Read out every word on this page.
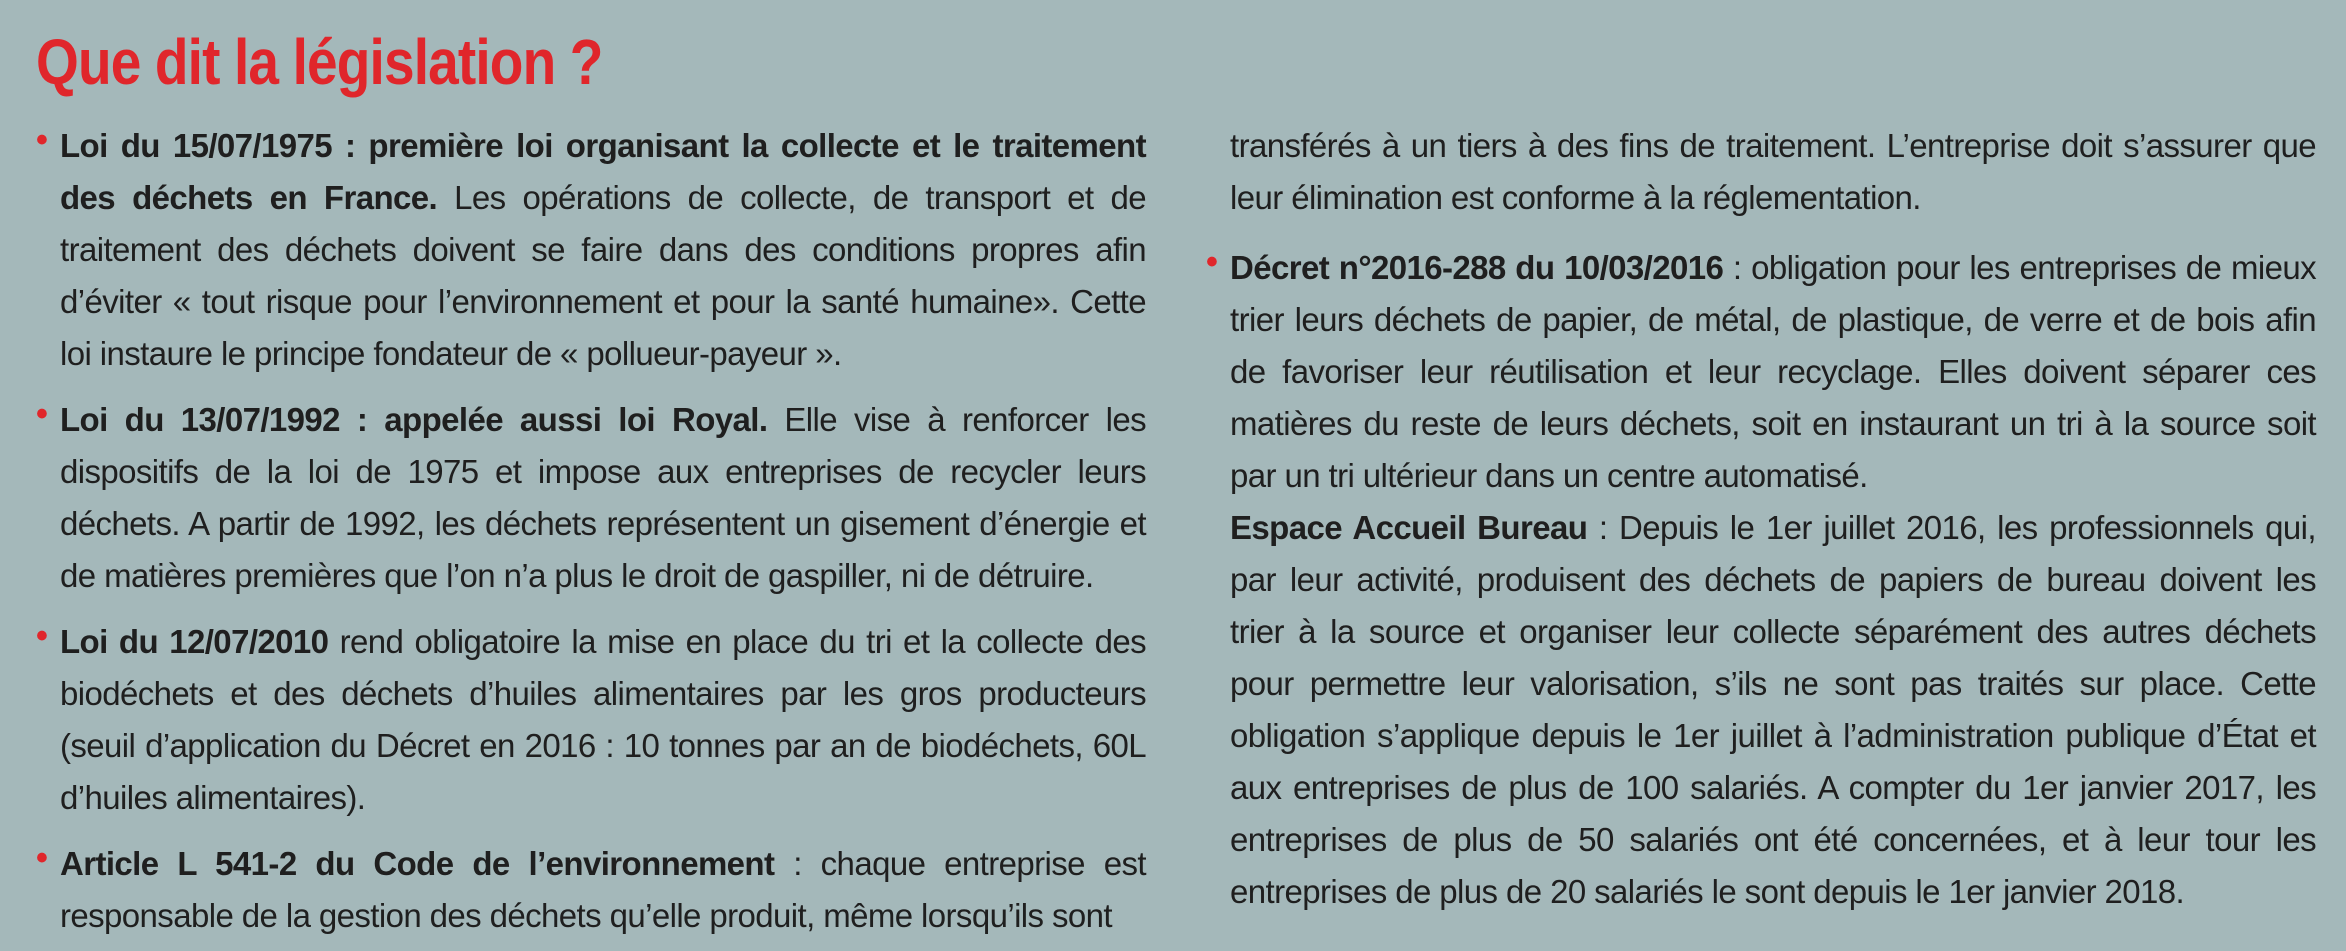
Que dit la législation ?

• Loi du 15/07/1975 : première loi organisant la collecte et le traitement des déchets en France. Les opérations de collecte, de transport et de traitement des déchets doivent se faire dans des conditions propres afin d’éviter « tout risque pour l’environnement et pour la santé humaine». Cette loi instaure le principe fondateur de « pollueur-payeur ».

• Loi du 13/07/1992 : appelée aussi loi Royal. Elle vise à renforcer les dispositifs de la loi de 1975 et impose aux entreprises de recycler leurs déchets. A partir de 1992, les déchets représentent un gisement d’énergie et de matières premières que l’on n’a plus le droit de gaspiller, ni de détruire.

• Loi du 12/07/2010 rend obligatoire la mise en place du tri et la collecte des biodéchets et des déchets d’huiles alimentaires par les gros producteurs (seuil d’application du Décret en 2016 : 10 tonnes par an de biodéchets, 60L d’huiles alimentaires).

• Article L 541-2 du Code de l’environnement : chaque entreprise est responsable de la gestion des déchets qu’elle produit, même lorsqu’ils sont

transférés à un tiers à des fins de traitement. L’entreprise doit s’assurer que leur élimination est conforme à la réglementation.

• Décret n°2016-288 du 10/03/2016 : obligation pour les entreprises de mieux trier leurs déchets de papier, de métal, de plastique, de verre et de bois afin de favoriser leur réutilisation et leur recyclage. Elles doivent séparer ces matières du reste de leurs déchets, soit en instaurant un tri à la source soit par un tri ultérieur dans un centre automatisé.

Espace Accueil Bureau : Depuis le 1er juillet 2016, les professionnels qui, par leur activité, produisent des déchets de papiers de bureau doivent les trier à la source et organiser leur collecte séparément des autres déchets pour permettre leur valorisation, s’ils ne sont pas traités sur place. Cette obligation s’applique depuis le 1er juillet à l’administration publique d’État et aux entreprises de plus de 100 salariés. A compter du 1er janvier 2017, les entreprises de plus de 50 salariés ont été concernées, et à leur tour les entreprises de plus de 20 salariés le sont depuis le 1er janvier 2018.
